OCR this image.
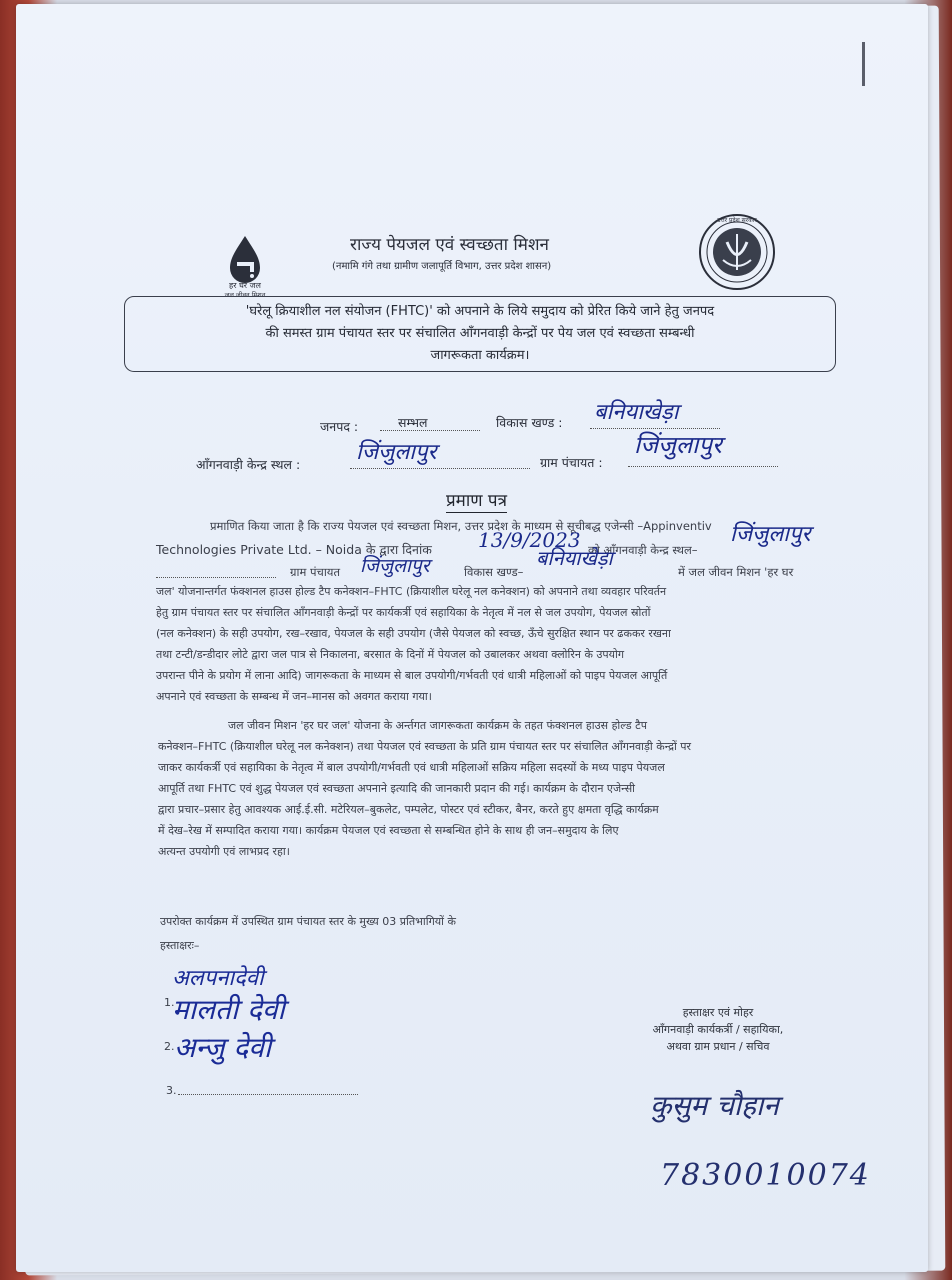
हर घर जल
जल जीवन मिशन
उत्तर प्रदेश सरकार
राज्य पेयजल एवं स्वच्छता मिशन
(नमामि गंगे तथा ग्रामीण जलापूर्ति विभाग, उत्तर प्रदेश शासन)
'घरेलू क्रियाशील नल संयोजन (FHTC)' को अपनाने के लिये समुदाय को प्रेरित किये जाने हेतु जनपद
की समस्त ग्राम पंचायत स्तर पर संचालित आँगनवाड़ी केन्द्रों पर पेय जल एवं स्वच्छता सम्बन्धी
जागरूकता कार्यक्रम।
जनपद :	सम्भल	विकास खण्ड : बनियाखेड़ा
आँगनवाड़ी केन्द्र स्थल :	जिंजुलापुर	ग्राम पंचायत :
जिंजुलापुर
प्रमाण पत्र
प्रमाणित किया जाता है कि राज्य पेयजल एवं स्वच्छता मिशन, उत्तर प्रदेश के माध्यम से सूचीबद्ध एजेन्सी –Appinventiv
Technologies Private Ltd. – Noida के द्वारा दिनांक	13/9/2023 को आँगनवाड़ी केन्द्र स्थल–
जिंजुलापुर
ग्राम पंचायत	जिंजुलापुर	विकास खण्ड–
बनियाखेड़ा
में जल जीवन मिशन 'हर घर
जल' योजनान्तर्गत फंक्शनल हाउस होल्ड टैप कनेक्शन–FHTC (क्रियाशील घरेलू नल कनेक्शन) को अपनाने तथा व्यवहार परिवर्तन
हेतु ग्राम पंचायत स्तर पर संचालित आँगनवाड़ी केन्द्रों पर कार्यकर्त्री एवं सहायिका के नेतृत्व में नल से जल उपयोग, पेयजल स्रोतों
(नल कनेक्शन) के सही उपयोग, रख–रखाव, पेयजल के सही उपयोग (जैसे पेयजल को स्वच्छ, ऊँचे सुरक्षित स्थान पर ढककर रखना
तथा टन्टी/डन्डीदार लोटे द्वारा जल पात्र से निकालना, बरसात के दिनों में पेयजल को उबालकर अथवा क्लोरिन के उपयोग
उपरान्त पीने के प्रयोग में लाना आदि) जागरूकता के माध्यम से बाल उपयोगी/गर्भवती एवं धात्री महिलाओं को पाइप पेयजल आपूर्ति
अपनाने एवं स्वच्छता के सम्बन्ध में जन–मानस को अवगत कराया गया।
जल जीवन मिशन 'हर घर जल' योजना के अर्न्तगत जागरूकता कार्यक्रम के तहत फंक्शनल हाउस होल्ड टैप
कनेक्शन–FHTC (क्रियाशील घरेलू नल कनेक्शन) तथा पेयजल एवं स्वच्छता के प्रति ग्राम पंचायत स्तर पर संचालित आँगनवाड़ी केन्द्रों पर
जाकर कार्यकर्त्री एवं सहायिका के नेतृत्व में बाल उपयोगी/गर्भवती एवं धात्री महिलाओं सक्रिय महिला सदस्यों के मध्य पाइप पेयजल
आपूर्ति तथा FHTC एवं शुद्ध पेयजल एवं स्वच्छता अपनाने इत्यादि की जानकारी प्रदान की गई। कार्यक्रम के दौरान एजेन्सी
द्वारा प्रचार–प्रसार हेतु आवश्यक आई.ई.सी. मटेरियल–बुकलेट, पम्पलेट, पोस्टर एवं स्टीकर, बैनर, करते हुए क्षमता वृद्धि कार्यक्रम
में देख–रेख में सम्पादित कराया गया। कार्यक्रम पेयजल एवं स्वच्छता से सम्बन्धित होने के साथ ही जन–समुदाय के लिए
अत्यन्त उपयोगी एवं लाभप्रद रहा।
उपरोक्त कार्यक्रम में उपस्थित ग्राम पंचायत स्तर के मुख्य 03 प्रतिभागियों के
हस्ताक्षरः–
1.
अलपनादेवी
मालती देवी
2. अन्जु देवी
3.
हस्ताक्षर एवं मोहर
आँगनवाड़ी कार्यकर्त्री / सहायिका,
अथवा ग्राम प्रधान / सचिव
कुसुम चौहान
7830010074
